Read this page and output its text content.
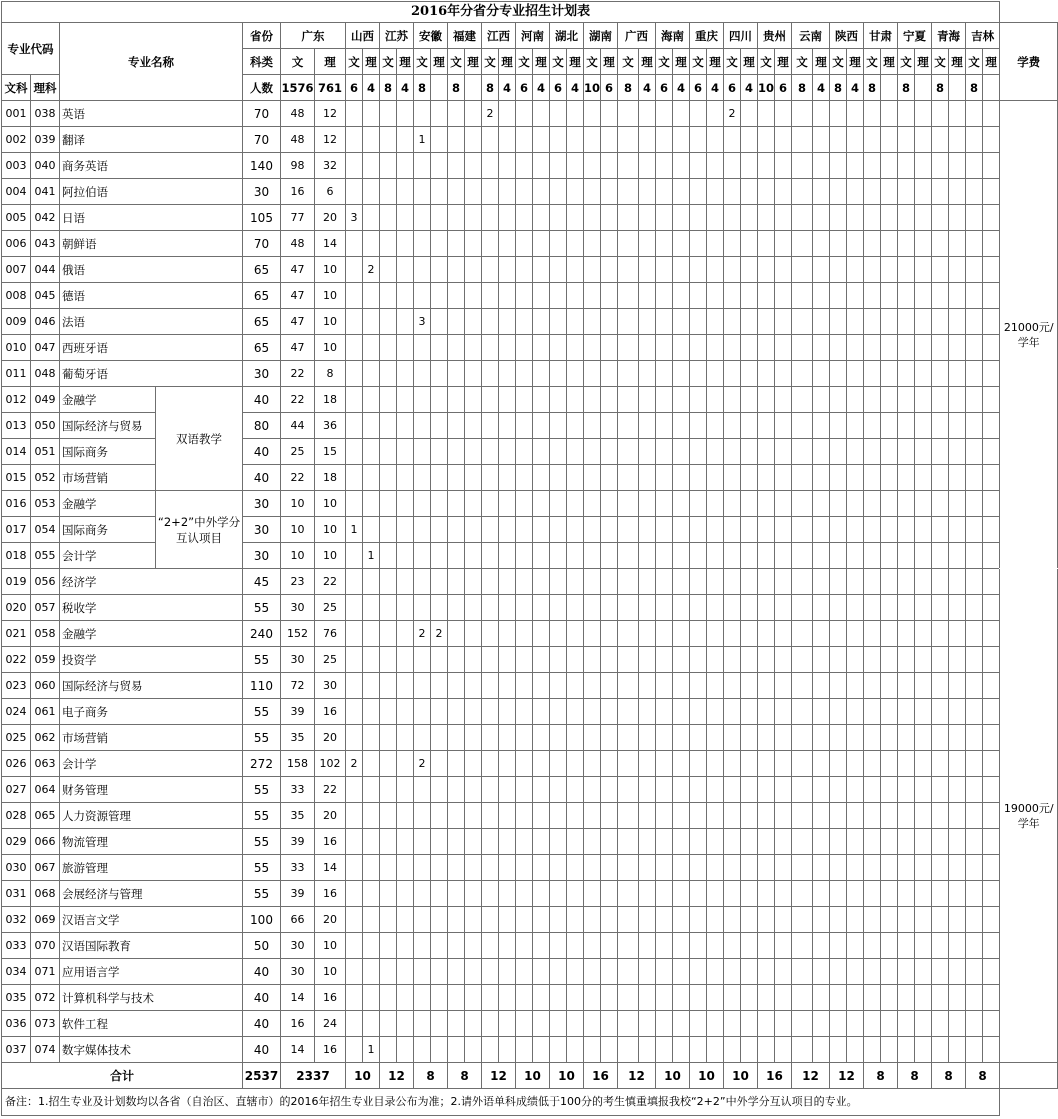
2016年分省分专业招生计划表																																														
专业代码		专业名称		省份	广东		山西		江苏		安徽		福建		江西		河南		湖北		湖南		广西		海南		重庆		四川		贵州		云南		陕西		甘肃		宁夏		青海		吉林		学费	
				科类	文	理	文	理	文	理	文	理	文	理	文	理	文	理	文	理	文	理	文	理	文	理	文	理	文	理	文	理	文	理	文	理	文	理	文	理	文	理	文	理		
文科	理科			人数	1576	761	6	4	8	4	8		8		8	4	6	4	6	4	10	6	8	4	6	4	6	4	6	4	10	6	8	4	8	4	8		8		8		8			
001	038	英语		70	48	12									2														2																21000元/学年	
002	039	翻译		70	48	12					1																																			
003	040	商务英语		140	98	32																																								
004	041	阿拉伯语		30	16	6																																								
005	042	日语		105	77	20	3																																							
006	043	朝鲜语		70	48	14																																								
007	044	俄语		65	47	10		2																																						
008	045	德语		65	47	10																																								
009	046	法语		65	47	10					3																																			
010	047	西班牙语		65	47	10																																								
011	048	葡萄牙语		30	22	8																																								
012	049	金融学	双语教学	40	22	18																																								
013	050	国际经济与贸易		80	44	36																																								
014	051	国际商务		40	25	15																																								
015	052	市场营销		40	22	18																																								
016	053	金融学	“2+2”中外学分互认项目	30	10	10																																							
017	054	国际商务		30	10	10	1																																							
018	055	会计学		30	10	10		1																																						
019	056	经济学		45	23	22																																							19000元/学年	
020	057	税收学		55	30	25																																								
021	058	金融学		240	152	76					2	2																																		
022	059	投资学		55	30	25																																								
023	060	国际经济与贸易		110	72	30																																								
024	061	电子商务		55	39	16																																								
025	062	市场营销		55	35	20																																								
026	063	会计学		272	158	102	2				2																																			
027	064	财务管理		55	33	22																																								
028	065	人力资源管理		55	35	20																																								
029	066	物流管理		55	39	16																																								
030	067	旅游管理		55	33	14																																								
031	068	会展经济与管理		55	39	16																																								
032	069	汉语言文学		100	66	20																																								
033	070	汉语国际教育		50	30	10																																								
034	071	应用语言学		40	30	10																																								
035	072	计算机科学与技术		40	14	16																																								
036	073	软件工程		40	16	24																																								
037	074	数字媒体技术		40	14	16		1																																						
合计				2537	2337		10		12		8		8		12		10		10		16		12		10		10		10		16		12		12		8		8		8		8			
备注：1.招生专业及计划数均以各省（自治区、直辖市）的2016年招生专业目录公布为准；2.请外语单科成绩低于100分的考生慎重填报我校“2+2”中外学分互认项目的专业。																																														
